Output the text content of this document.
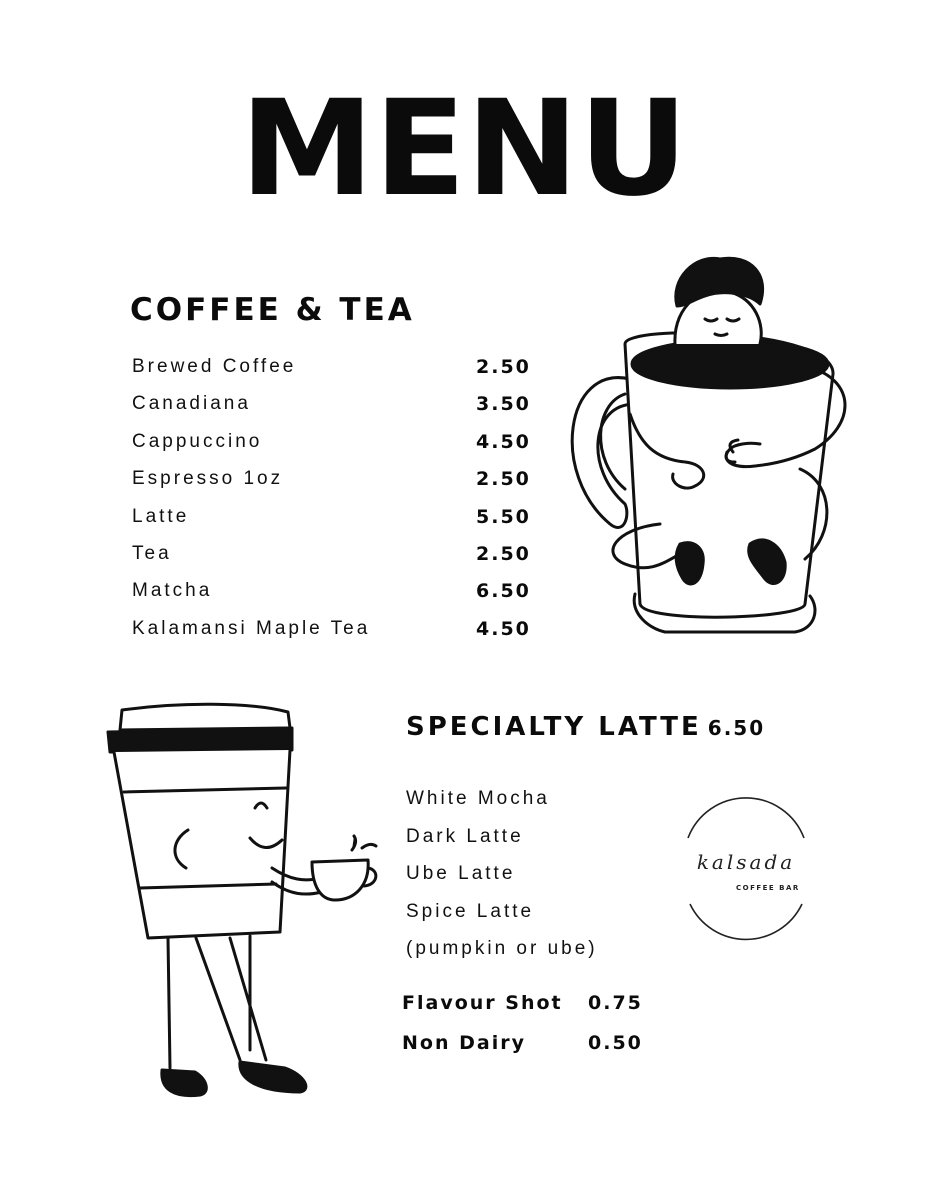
MENU
COFFEE & TEA
Brewed Coffee	2.50
Canadiana	3.50
Cappuccino	4.50
Espresso 1oz	2.50
Latte	5.50
Tea	2.50
Matcha	6.50
Kalamansi Maple Tea	4.50
SPECIALTY LATTE 6.50
White Mocha
Dark Latte
Ube Latte
Spice Latte
(pumpkin or ube)
Flavour Shot 0.75
Non Dairy	0.50
kalsada
COFFEE BAR
